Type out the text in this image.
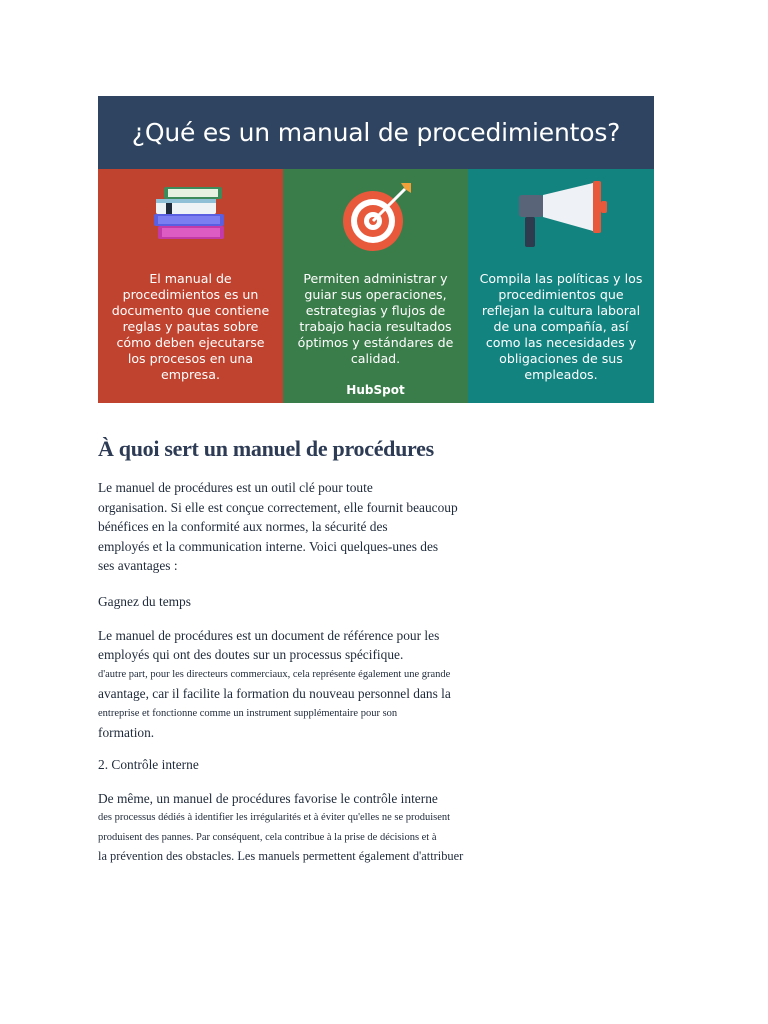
¿Qué es un manual de procedimientos?
El manual de
procedimientos es un
documento que contiene
reglas y pautas sobre
cómo deben ejecutarse
los procesos en una
empresa.
Permiten administrar y
guiar sus operaciones,
estrategias y flujos de
trabajo hacia resultados
óptimos y estándares de
calidad.
HubSpot
Compila las políticas y los
procedimientos que
reflejan la cultura laboral
de una compañía, así
como las necesidades y
obligaciones de sus
empleados.
À quoi sert un manuel de procédures

Le manuel de procédures est un outil clé pour toute
organisation. Si elle est conçue correctement, elle fournit beaucoup
bénéfices en la conformité aux normes, la sécurité des
employés et la communication interne. Voici quelques-unes des
ses avantages :

Gagnez du temps

Le manuel de procédures est un document de référence pour les
employés qui ont des doutes sur un processus spécifique.
d'autre part, pour les directeurs commerciaux, cela représente également une grande
avantage, car il facilite la formation du nouveau personnel dans la
entreprise et fonctionne comme un instrument supplémentaire pour son
formation.

2. Contrôle interne

De même, un manuel de procédures favorise le contrôle interne
des processus dédiés à identifier les irrégularités et à éviter qu'elles ne se produisent
produisent des pannes. Par conséquent, cela contribue à la prise de décisions et à
la prévention des obstacles. Les manuels permettent également d'attribuer
